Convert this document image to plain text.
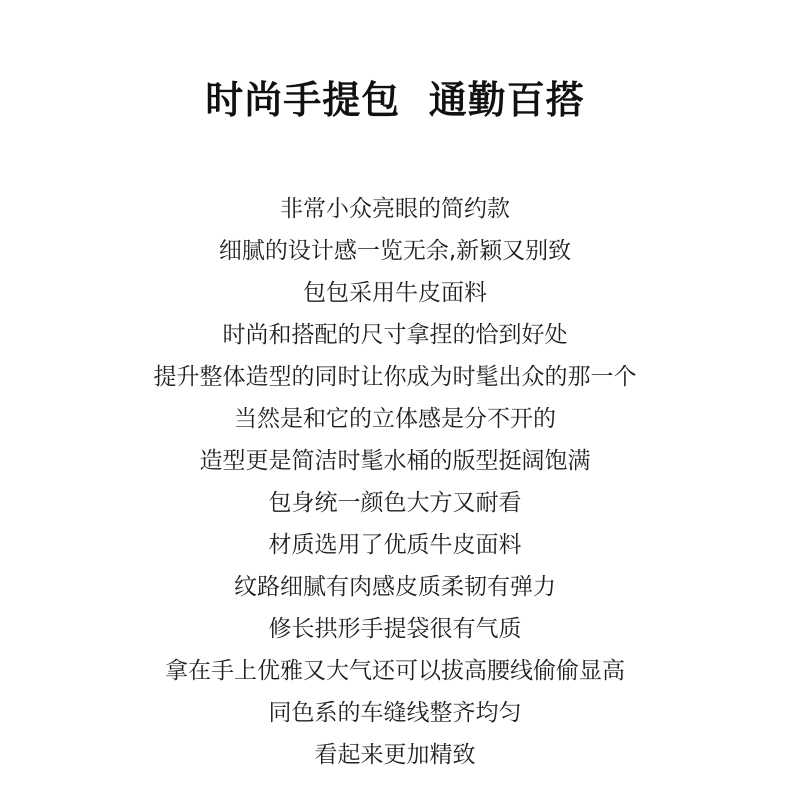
时尚手提包  通勤百搭
非常小众亮眼的简约款
细腻的设计感一览无余,新颖又别致
包包采用牛皮面料
时尚和搭配的尺寸拿捏的恰到好处
提升整体造型的同时让你成为时髦出众的那一个
当然是和它的立体感是分不开的
造型更是简洁时髦水桶的版型挺阔饱满
包身统一颜色大方又耐看
材质选用了优质牛皮面料
纹路细腻有肉感皮质柔韧有弹力
修长拱形手提袋很有气质
拿在手上优雅又大气还可以拔高腰线偷偷显高
同色系的车缝线整齐均匀
看起来更加精致
